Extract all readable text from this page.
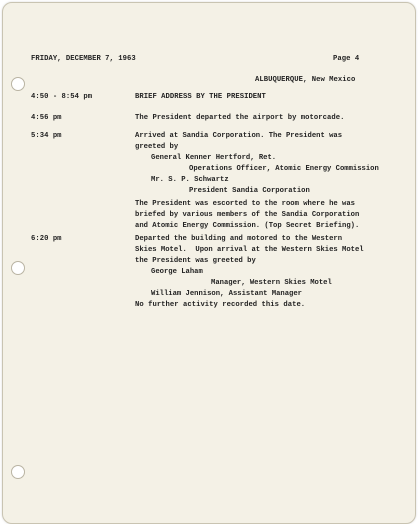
FRIDAY, DECEMBER 7, 1963	Page 4
ALBUQUERQUE, New Mexico
4:50 - 8:54 pm	BRIEF ADDRESS BY THE PRESIDENT
4:56 pm	The President departed the airport by motorcade.
5:34 pm	Arrived at Sandia Corporation. The President was
greeted by
General Kenner Hertford, Ret.
Operations Officer, Atomic Energy Commission
Mr. S. P. Schwartz
President Sandia Corporation
The President was escorted to the room where he was
briefed by various members of the Sandia Corporation
and Atomic Energy Commission. (Top Secret Briefing).
6:20 pm	Departed the building and motored to the Western
Skies Motel.  Upon arrival at the Western Skies Motel
the President was greeted by
George Laham
Manager, Western Skies Motel
William Jennison, Assistant Manager
No further activity recorded this date.
